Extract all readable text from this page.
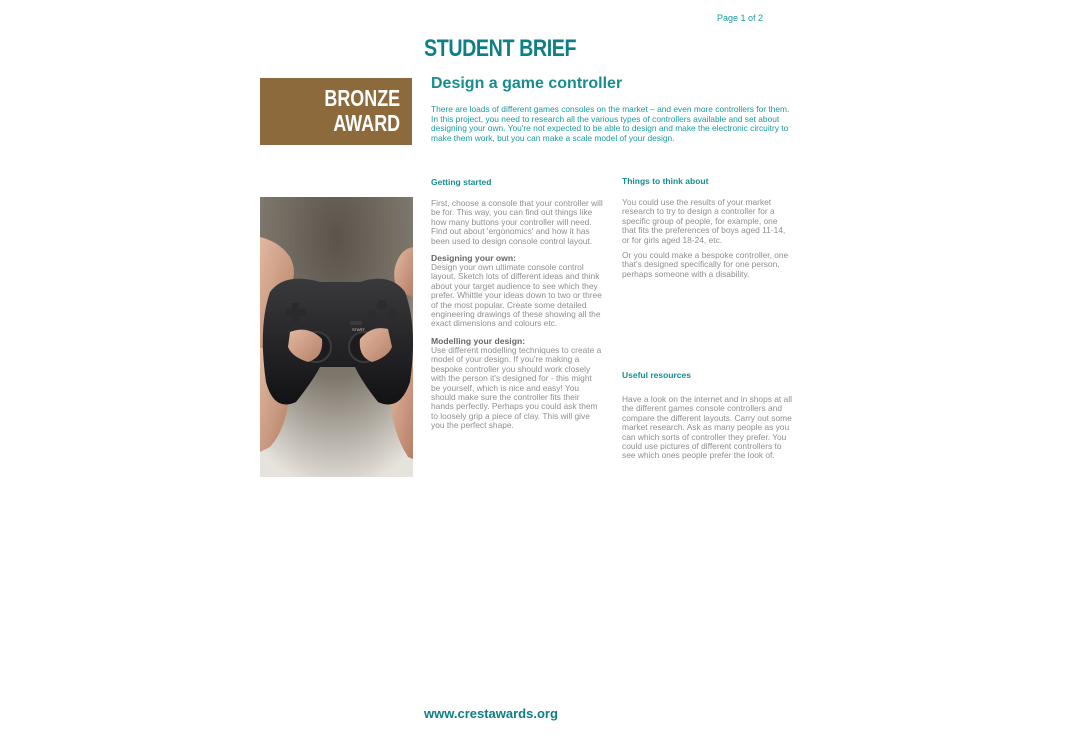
Page 1 of 2
STUDENT BRIEF
BRONZE
AWARD
START
Design a game controller

There are loads of different games consoles on the market – and even more controllers for them. In this project, you need to research all the various types of controllers available and set about designing your own. You're not expected to be able to design and make the electronic circuitry to make them work, but you can make a scale model of your design.

Getting started

First, choose a console that your controller will be for. This way, you can find out things like how many buttons your controller will need. Find out about 'ergonomics' and how it has been used to design console control layout.

Designing your own:

Design your own ultimate console control layout. Sketch lots of different ideas and think about your target audience to see which they prefer. Whittle your ideas down to two or three of the most popular. Create some detailed engineering drawings of these showing all the exact dimensions and colours etc.

Modelling your design:

Use different modelling techniques to create a model of your design. If you're making a bespoke controller you should work closely with the person it's designed for - this might be yourself, which is nice and easy! You should make sure the controller fits their hands perfectly. Perhaps you could ask them to loosely grip a piece of clay. This will give you the perfect shape.

Things to think about

You could use the results of your market research to try to design a controller for a specific group of people, for example, one that fits the preferences of boys aged 11-14, or for girls aged 18-24, etc.

Or you could make a bespoke controller, one that's designed specifically for one person, perhaps someone with a disability.

Useful resources

Have a look on the internet and in shops at all the different games console controllers and compare the different layouts. Carry out some market research. Ask as many people as you can which sorts of controller they prefer. You could use pictures of different controllers to see which ones people prefer the look of.

www.crestawards.org
